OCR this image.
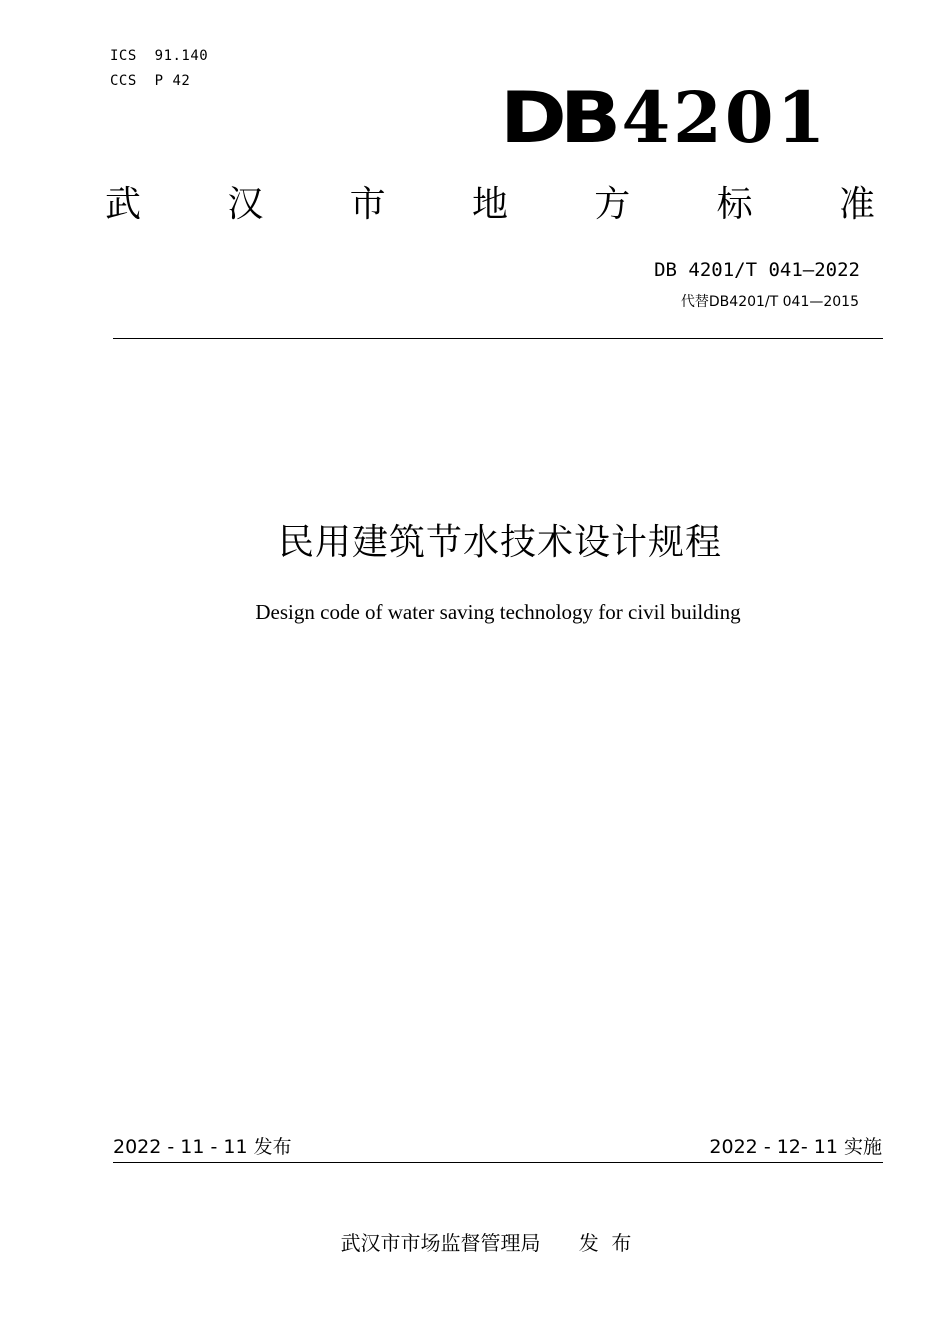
ICS  91.140
CCS  P 42	DB 4201
武 汉 市 地 方 标 准
DB 4201/T 041—2022
代替DB4201/T 041—2015
民用建筑节水技术设计规程
Design code of water saving technology for civil building
2022 - 11 - 11 发布	2022 - 12- 11 实施
武汉市市场监督管理局      发  布
